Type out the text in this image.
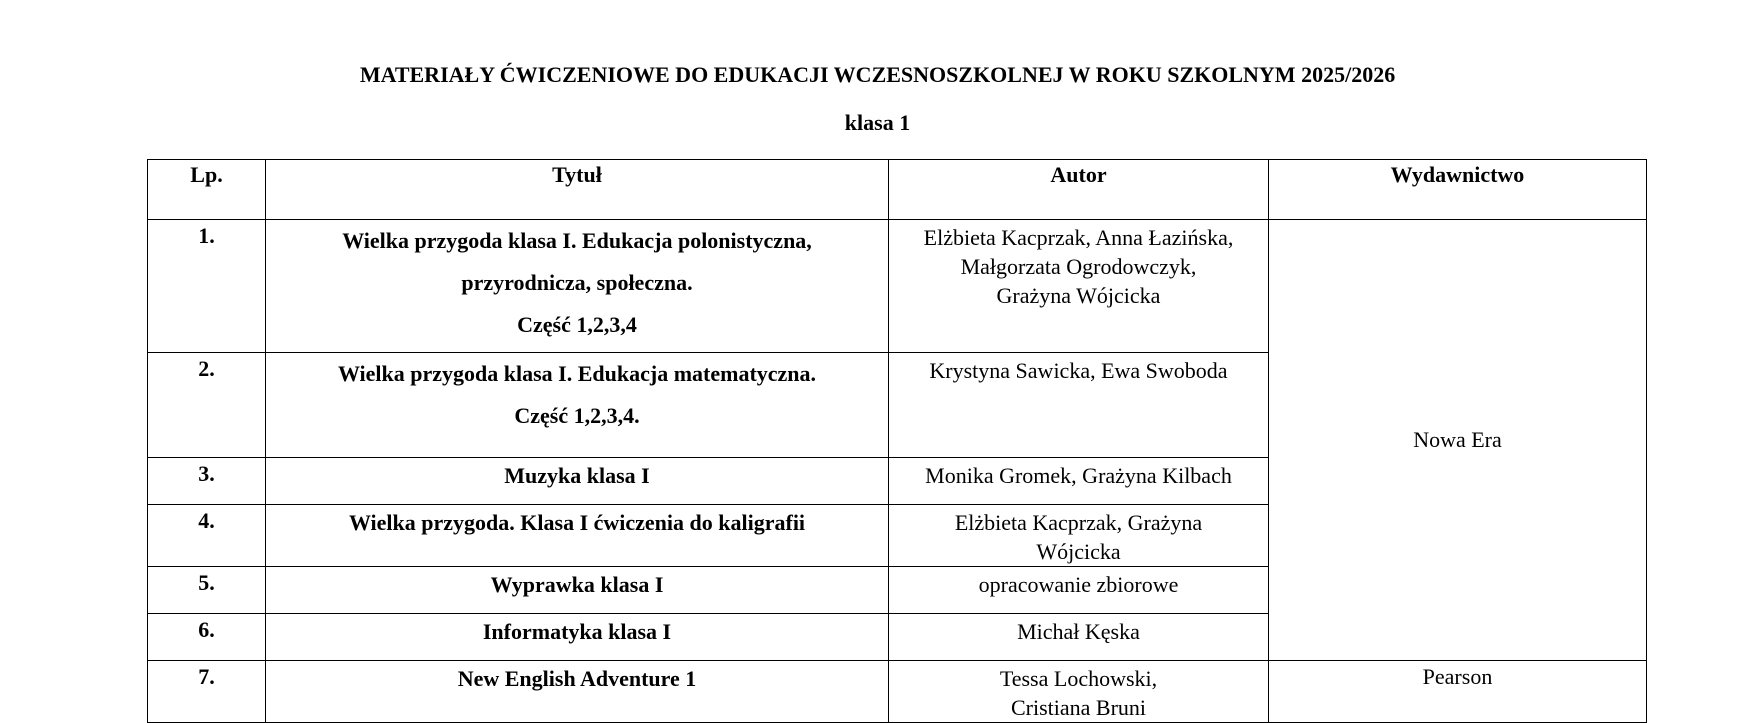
MATERIAŁY ĆWICZENIOWE DO EDUKACJI WCZESNOSZKOLNEJ W ROKU SZKOLNYM 2025/2026
klasa 1
Lp.	Tytuł	Autor	Wydawnictwo
1.	Wielka przygoda klasa I. Edukacja polonistyczna,
przyrodnicza, społeczna.
Część 1,2,3,4	Elżbieta Kacprzak, Anna Łazińska,
Małgorzata Ogrodowczyk,
Grażyna Wójcicka	Nowa Era
2.	Wielka przygoda klasa I. Edukacja matematyczna.
Część 1,2,3,4.	Krystyna Sawicka, Ewa Swoboda	

3.	Muzyka klasa I	Monika Gromek, Grażyna Kilbach	

4.	Wielka przygoda. Klasa I ćwiczenia do kaligrafii	Elżbieta Kacprzak, Grażyna
Wójcicka	

5.	Wyprawka klasa I	opracowanie zbiorowe	

6.	Informatyka klasa I	Michał Kęska	

7.	New English Adventure 1	Tessa Lochowski,
Cristiana Bruni	Pearson
